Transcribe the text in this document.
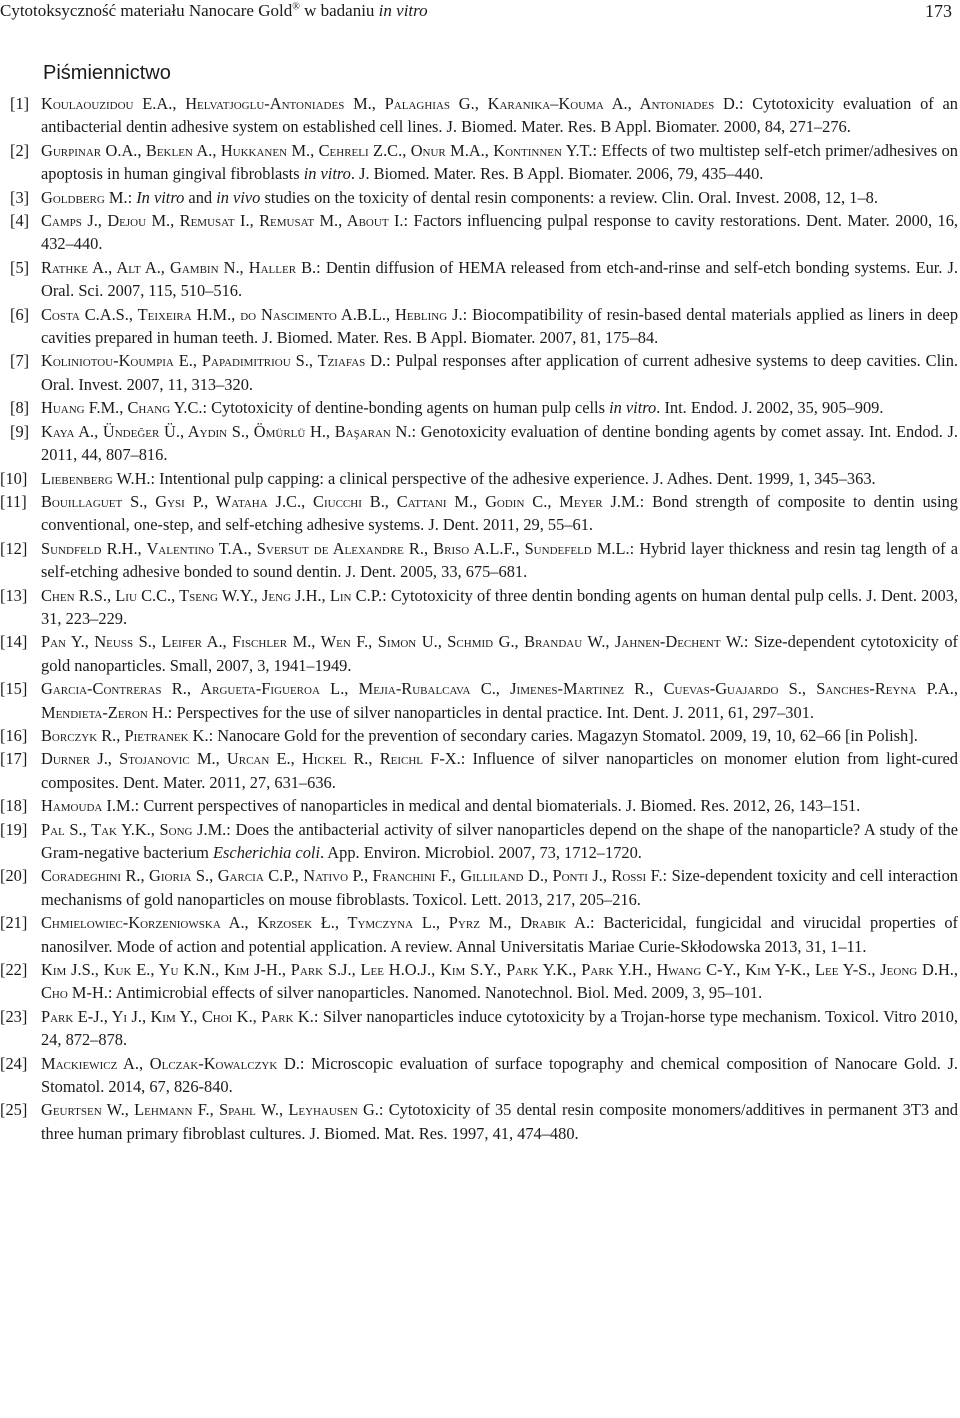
Cytotoksyczność materiału Nanocare Gold® w badaniu in vitro	173
Piśmiennictwo
[1] Koulaouzidou E.A., Helvatjoglu-Antoniades M., Palaghias G., Karanika–Kouma A., Antoniades D.: Cytotoxicity evaluation of an antibacterial dentin adhesive system on established cell lines. J. Biomed. Mater. Res. B Appl. Biomater. 2000, 84, 271–276.
[2] Gurpinar O.A., Beklen A., Hukkanen M., Cehreli Z.C., Onur M.A., Kontinnen Y.T.: Effects of two multistep self-etch primer/adhesives on apoptosis in human gingival fibroblasts in vitro. J. Biomed. Mater. Res. B Appl. Biomater. 2006, 79, 435–440.
[3] Goldberg M.: In vitro and in vivo studies on the toxicity of dental resin components: a review. Clin. Oral. Invest. 2008, 12, 1–8.
[4] Camps J., Dejou M., Remusat I., Remusat M., About I.: Factors influencing pulpal response to cavity restorations. Dent. Mater. 2000, 16, 432–440.
[5] Rathke A., Alt A., Gambin N., Haller B.: Dentin diffusion of HEMA released from etch-and-rinse and self-etch bonding systems. Eur. J. Oral. Sci. 2007, 115, 510–516.
[6] Costa C.A.S., Teixeira H.M., do Nascimento A.B.L., Hebling J.: Biocompatibility of resin-based dental materials applied as liners in deep cavities prepared in human teeth. J. Biomed. Mater. Res. B Appl. Biomater. 2007, 81, 175–84.
[7] Koliniotou-Koumpia E., Papadimitriou S., Tziafas D.: Pulpal responses after application of current adhesive systems to deep cavities. Clin. Oral. Invest. 2007, 11, 313–320.
[8] Huang F.M., Chang Y.C.: Cytotoxicity of dentine-bonding agents on human pulp cells in vitro. Int. Endod. J. 2002, 35, 905–909.
[9] Kaya A., Ündeğer Ü., Aydın S., Ömürlü H., Başaran N.: Genotoxicity evaluation of dentine bonding agents by comet assay. Int. Endod. J. 2011, 44, 807–816.
[10] Liebenberg W.H.: Intentional pulp capping: a clinical perspective of the adhesive experience. J. Adhes. Dent. 1999, 1, 345–363.
[11] Bouillaguet S., Gysi P., Wataha J.C., Ciucchi B., Cattani M., Godin C., Meyer J.M.: Bond strength of composite to dentin using conventional, one-step, and self-etching adhesive systems. J. Dent. 2011, 29, 55–61.
[12] Sundfeld R.H., Valentino T.A., Sversut de Alexandre R., Briso A.L.F., Sundefeld M.L.: Hybrid layer thickness and resin tag length of a self-etching adhesive bonded to sound dentin. J. Dent. 2005, 33, 675–681.
[13] Chen R.S., Liu C.C., Tseng W.Y., Jeng J.H., Lin C.P.: Cytotoxicity of three dentin bonding agents on human dental pulp cells. J. Dent. 2003, 31, 223–229.
[14] Pan Y., Neuss S., Leifer A., Fischler M., Wen F., Simon U., Schmid G., Brandau W., Jahnen-Dechent W.: Size-dependent cytotoxicity of gold nanoparticles. Small, 2007, 3, 1941–1949.
[15] Garcia-Contreras R., Argueta-Figueroa L., Mejia-Rubalcava C., Jimenes-Martinez R., Cuevas-Guajardo S., Sanches-Reyna P.A., Mendieta-Zeron H.: Perspectives for the use of silver nanoparticles in dental practice. Int. Dent. J. 2011, 61, 297–301.
[16] Borczyk R., Pietranek K.: Nanocare Gold for the prevention of secondary caries. Magazyn Stomatol. 2009, 19, 10, 62–66 [in Polish].
[17] Durner J., Stojanovic M., Urcan E., Hickel R., Reichl F-X.: Influence of silver nanoparticles on monomer elution from light-cured composites. Dent. Mater. 2011, 27, 631–636.
[18] Hamouda I.M.: Current perspectives of nanoparticles in medical and dental biomaterials. J. Biomed. Res. 2012, 26, 143–151.
[19] Pal S., Tak Y.K., Song J.M.: Does the antibacterial activity of silver nanoparticles depend on the shape of the nanoparticle? A study of the Gram-negative bacterium Escherichia coli. App. Environ. Microbiol. 2007, 73, 1712–1720.
[20] Coradeghini R., Gioria S., Garcia C.P., Nativo P., Franchini F., Gilliland D., Ponti J., Rossi F.: Size-dependent toxicity and cell interaction mechanisms of gold nanoparticles on mouse fibroblasts. Toxicol. Lett. 2013, 217, 205–216.
[21] Chmielowiec-Korzeniowska A., Krzosek Ł., Tymczyna L., Pyrz M., Drabik A.: Bactericidal, fungicidal and virucidal properties of nanosilver. Mode of action and potential application. A review. Annal Universitatis Mariae Curie-Skłodowska 2013, 31, 1–11.
[22] Kim J.S., Kuk E., Yu K.N., Kim J-H., Park S.J., Lee H.O.J., Kim S.Y., Park Y.K., Park Y.H., Hwang C-Y., Kim Y-K., Lee Y-S., Jeong D.H., Cho M-H.: Antimicrobial effects of silver nanoparticles. Nanomed. Nanotechnol. Biol. Med. 2009, 3, 95–101.
[23] Park E-J., Yi J., Kim Y., Choi K., Park K.: Silver nanoparticles induce cytotoxicity by a Trojan-horse type mechanism. Toxicol. Vitro 2010, 24, 872–878.
[24] Mackiewicz A., Olczak-Kowalczyk D.: Microscopic evaluation of surface topography and chemical composition of Nanocare Gold. J. Stomatol. 2014, 67, 826-840.
[25] Geurtsen W., Lehmann F., Spahl W., Leyhausen G.: Cytotoxicity of 35 dental resin composite monomers/additives in permanent 3T3 and three human primary fibroblast cultures. J. Biomed. Mat. Res. 1997, 41, 474–480.
